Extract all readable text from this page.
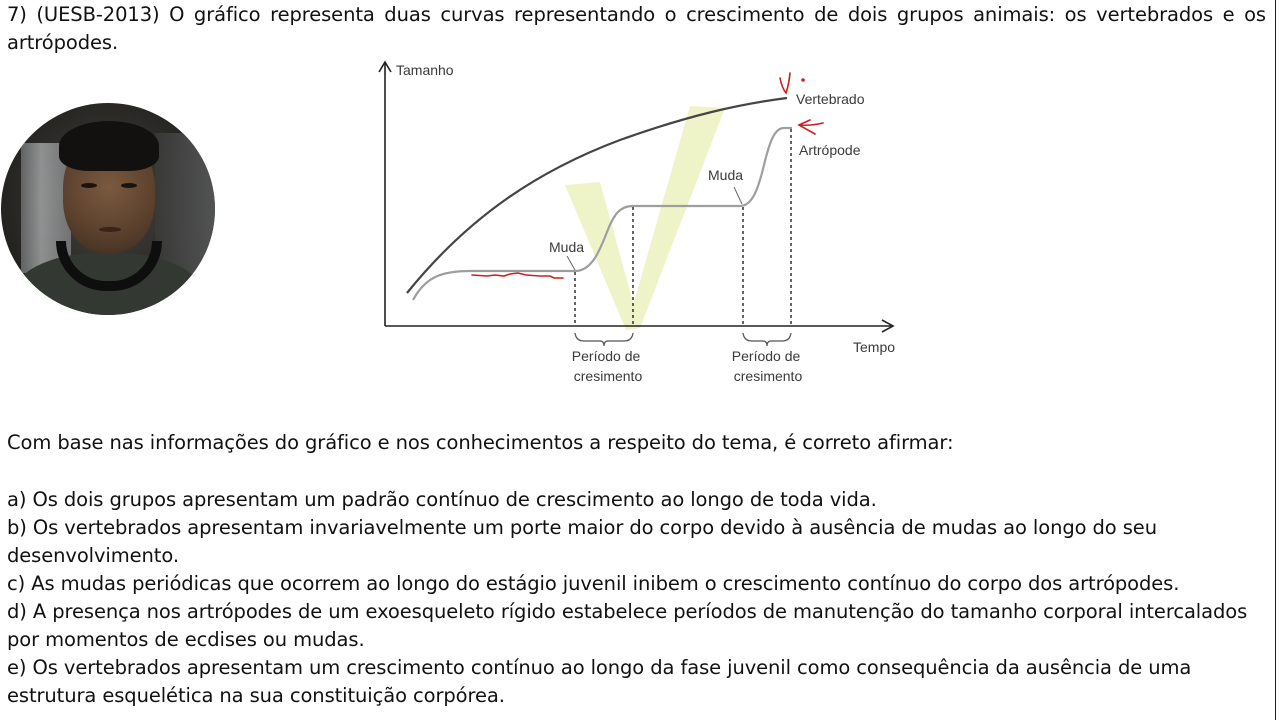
7) (UESB-2013) O gráfico representa duas curvas representando o crescimento de dois grupos animais: os vertebrados e os
artrópodes.
Tamanho
Tempo
Vertebrado
Artrópode
Muda
Muda
Período de cresimento
Período de cresimento
Com base nas informações do gráfico e nos conhecimentos a respeito do tema, é correto afirmar:
a) Os dois grupos apresentam um padrão contínuo de crescimento ao longo de toda vida.
b) Os vertebrados apresentam invariavelmente um porte maior do corpo devido à ausência de mudas ao longo do seu desenvolvimento.
c) As mudas periódicas que ocorrem ao longo do estágio juvenil inibem o crescimento contínuo do corpo dos artrópodes.
d) A presença nos artrópodes de um exoesqueleto rígido estabelece períodos de manutenção do tamanho corporal intercalados por momentos de ecdises ou mudas.
e) Os vertebrados apresentam um crescimento contínuo ao longo da fase juvenil como consequência da ausência de uma estrutura esquelética na sua constituição corpórea.
